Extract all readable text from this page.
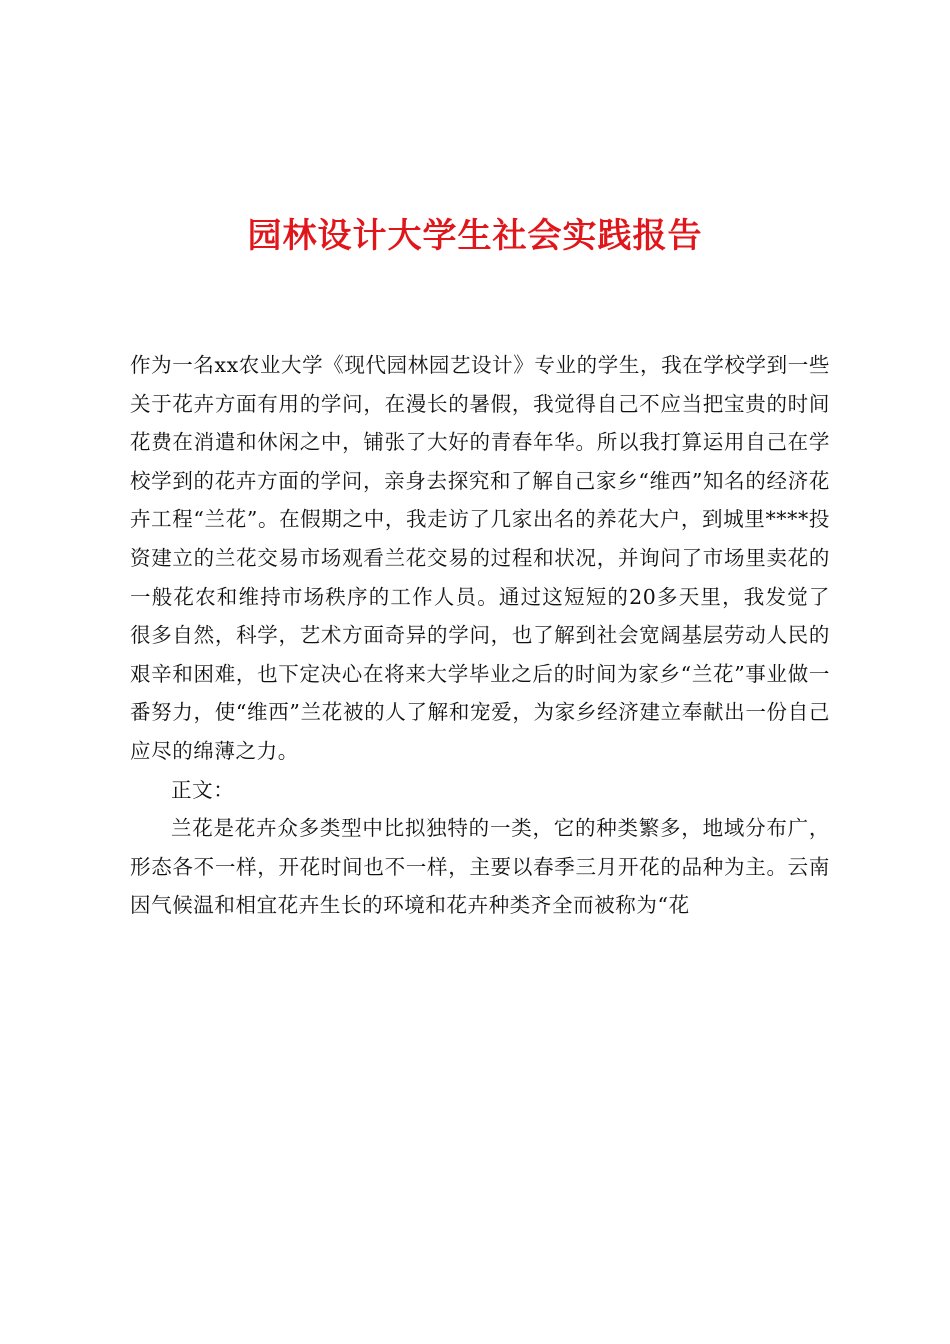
园林设计大学生社会实践报告

作为一名xx农业大学《现代园林园艺设计》专业的学生，我在学校学到一些关于花卉方面有用的学问，在漫长的暑假，我觉得自己不应当把宝贵的时间花费在消遣和休闲之中，铺张了大好的青春年华。所以我打算运用自己在学校学到的花卉方面的学问，亲身去探究和了解自己家乡“维西”知名的经济花卉工程“兰花”。在假期之中，我走访了几家出名的养花大户，到城里****投资建立的兰花交易市场观看兰花交易的过程和状况，并询问了市场里卖花的一般花农和维持市场秩序的工作人员。通过这短短的20多天里，我发觉了很多自然，科学，艺术方面奇异的学问，也了解到社会宽阔基层劳动人民的艰辛和困难，也下定决心在将来大学毕业之后的时间为家乡“兰花”事业做一番努力，使“维西”兰花被的人了解和宠爱，为家乡经济建立奉献出一份自己应尽的绵薄之力。

正文：

兰花是花卉众多类型中比拟独特的一类，它的种类繁多，地域分布广，形态各不一样，开花时间也不一样，主要以春季三月开花的品种为主。云南因气候温和相宜花卉生长的环境和花卉种类齐全而被称为“花
